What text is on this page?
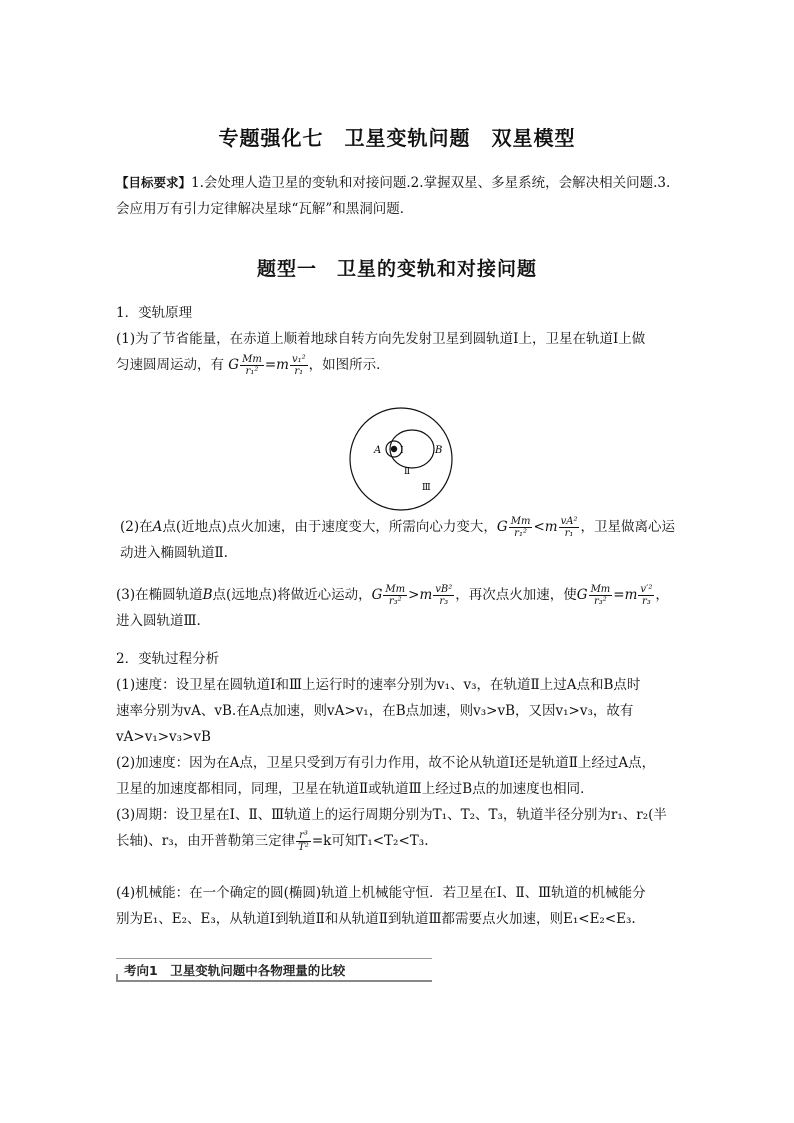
专题强化七　卫星变轨问题　双星模型
【目标要求】1.会处理人造卫星的变轨和对接问题.2.掌握双星、多星系统，会解决相关问题.3.
会应用万有引力定律解决星球“瓦解”和黑洞问题．
题型一　卫星的变轨和对接问题
1．变轨原理
(1)为了节省能量，在赤道上顺着地球自转方向先发射卫星到圆轨道Ⅰ上，卫星在轨道Ⅰ上做
匀速圆周运动，有 G $\frac{Mm}{\text{r₁²}} =m \frac{\text{v₁²}}{\text{r₁}}$ ，如图所示．
A	B
Ⅰ
Ⅱ
Ⅲ
(2)在A点(近地点)点火加速，由于速度变大，所需向心力变大，G $\frac{Mm}{\text{r₁²}} <m \frac{\text{vA²}}{\text{r₁}}$ ，卫星做离心运
动进入椭圆轨道Ⅱ.
(3)在椭圆轨道B点(远地点)将做近心运动，G $\frac{Mm}{\text{r₃²}} >m \frac{\text{vB²}}{\text{r₃}}$ ，再次点火加速，使G $\frac{Mm}{\text{r₃²}} =m \frac{\text{v′²}}{\text{r₃}}$ ，
进入圆轨道Ⅲ.
2．变轨过程分析
(1)速度：设卫星在圆轨道Ⅰ和Ⅲ上运行时的速率分别为v₁、v₃，在轨道Ⅱ上过A点和B点时
速率分别为vA、vB.在A点加速，则vA>v₁，在B点加速，则v₃>vB，又因v₁>v₃，故有
vA>v₁>v₃>vB
(2)加速度：因为在A点，卫星只受到万有引力作用，故不论从轨道Ⅰ还是轨道Ⅱ上经过A点，
卫星的加速度都相同，同理，卫星在轨道Ⅱ或轨道Ⅲ上经过B点的加速度也相同．
(3)周期：设卫星在Ⅰ、Ⅱ、Ⅲ轨道上的运行周期分别为T₁、T₂、T₃，轨道半径分别为r₁、r₂(半
长轴)、r₃，由开普勒第三定律 $\frac{\text{r³}}{\text{T²}} =k$可知T₁<T₂<T₃.
(4)机械能：在一个确定的圆(椭圆)轨道上机械能守恒．若卫星在Ⅰ、Ⅱ、Ⅲ轨道的机械能分
别为E₁、E₂、E₃，从轨道Ⅰ到轨道Ⅱ和从轨道Ⅱ到轨道Ⅲ都需要点火加速，则E₁<E₂<E₃.
考向1　卫星变轨问题中各物理量的比较
